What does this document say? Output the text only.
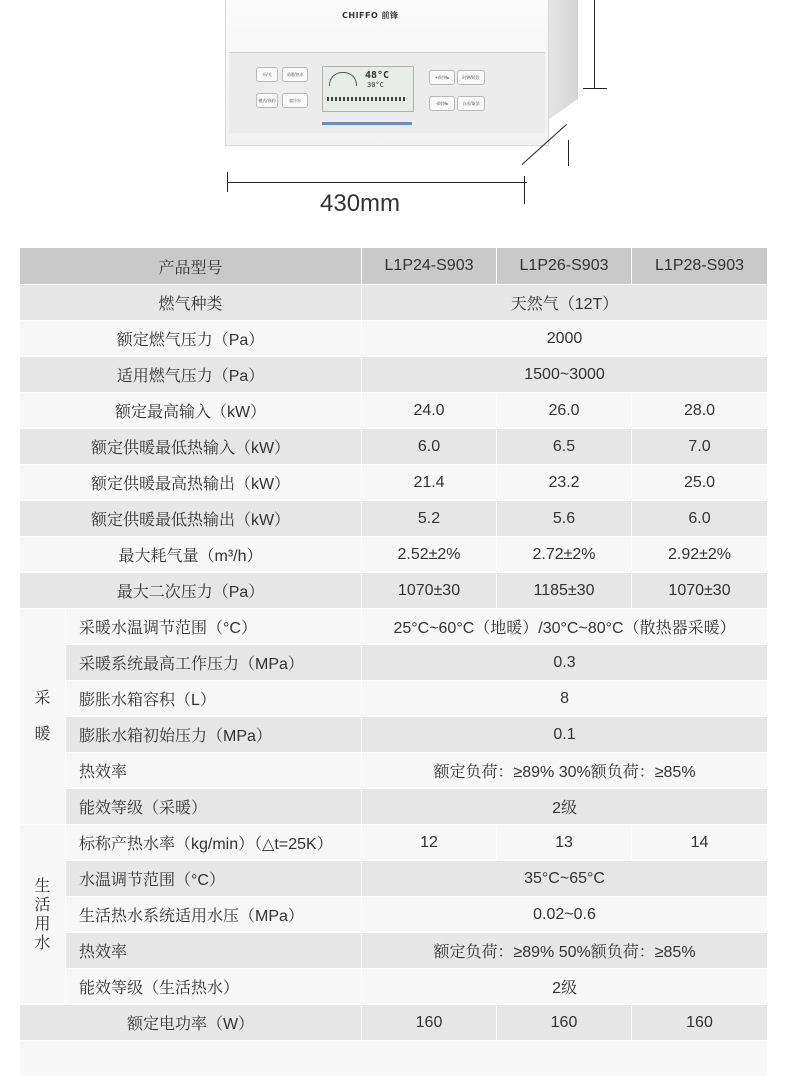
CHIFFO 前锋
开/关	采暖/热水
模式/预约	童冷水
+/时钟▸	时钟/时段
-/时钟▸	自动/取消
48°C
30°C
430mm
产品型号		L1P24-S903	L1P26-S903	L1P28-S903
燃气种类		天然气（12T）		
额定燃气压力（Pa）		2000		
适用燃气压力（Pa）		1500~3000		
额定最高输入（kW）		24.0	26.0	28.0
额定供暖最低热输入（kW）		6.0	6.5	7.0
额定供暖最高热输出（kW）		21.4	23.2	25.0
额定供暖最低热输出（kW）		5.2	5.6	6.0
最大耗气量（m³/h）		2.52±2%	2.72±2%	2.92±2%
最大二次压力（Pa）		1070±30	1185±30	1070±30

采
暖	采暖水温调节范围（°C）	25°C~60°C（地暖）/30°C~80°C（散热器采暖）		
	采暖系统最高工作压力（MPa）	0.3		
	膨胀水箱容积（L）	8		
	膨胀水箱初始压力（MPa）	0.1		
	热效率	额定负荷：≥89% 30%额负荷：≥85%		
	能效等级（采暖）	2级		

生
活
用
水	标称产热水率（kg/min）（△t=25K）	12	13	14
	水温调节范围（°C）	35°C~65°C		
	生活热水系统适用水压（MPa）	0.02~0.6		
	热效率	额定负荷：≥89% 50%额负荷：≥85%		
	能效等级（生活热水）	2级		
额定电功率（W）		160	160	160
